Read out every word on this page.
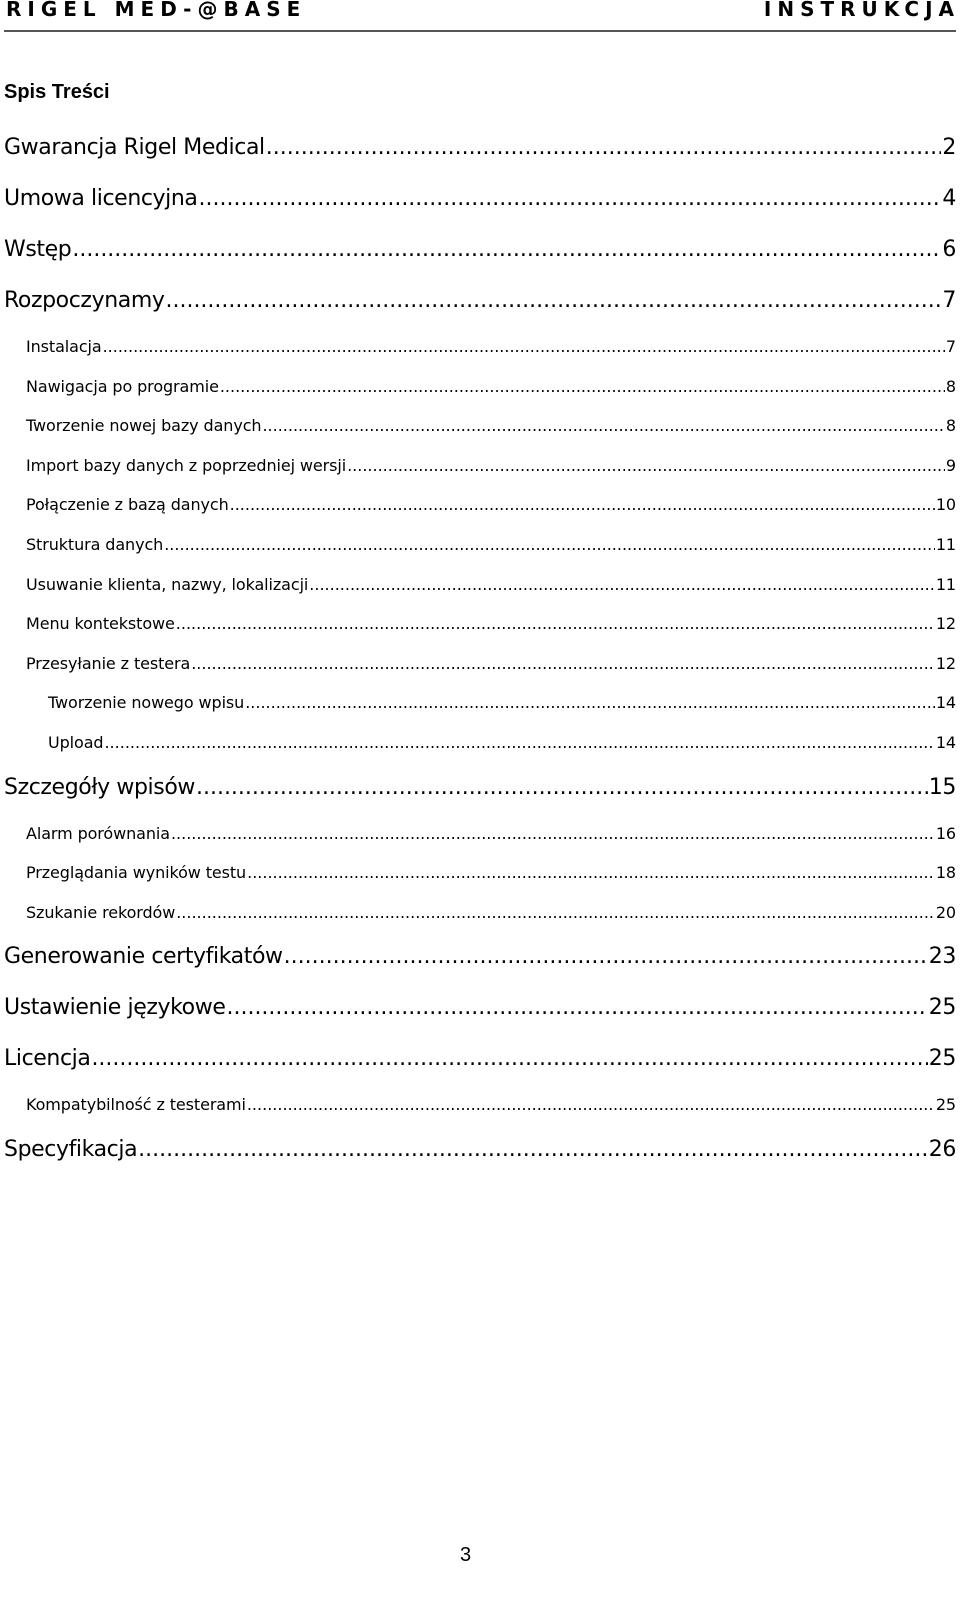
RIGEL MED-@BASE	INSTRUKCJA
Spis Treści
Gwarancja Rigel Medical .....	2
Umowa licencyjna .....	4
Wstęp .....	6
Rozpoczynamy .....	7
Instalacja .....	7
Nawigacja po programie .....	8
Tworzenie nowej bazy danych .....	8
Import bazy danych z poprzedniej wersji .....	9
Połączenie z bazą danych .....	10
Struktura danych .....	11
Usuwanie klienta, nazwy, lokalizacji .....	11
Menu kontekstowe .....	12
Przesyłanie z testera .....	12
Tworzenie nowego wpisu .....	14
Upload .....	14
Szczegóły wpisów .....	15
Alarm porównania .....	16
Przeglądania wyników testu .....	18
Szukanie rekordów .....	20
Generowanie certyfikatów .....	23
Ustawienie językowe .....	25
Licencja .....	25
Kompatybilność z testerami .....	25
Specyfikacja .....	26
3
